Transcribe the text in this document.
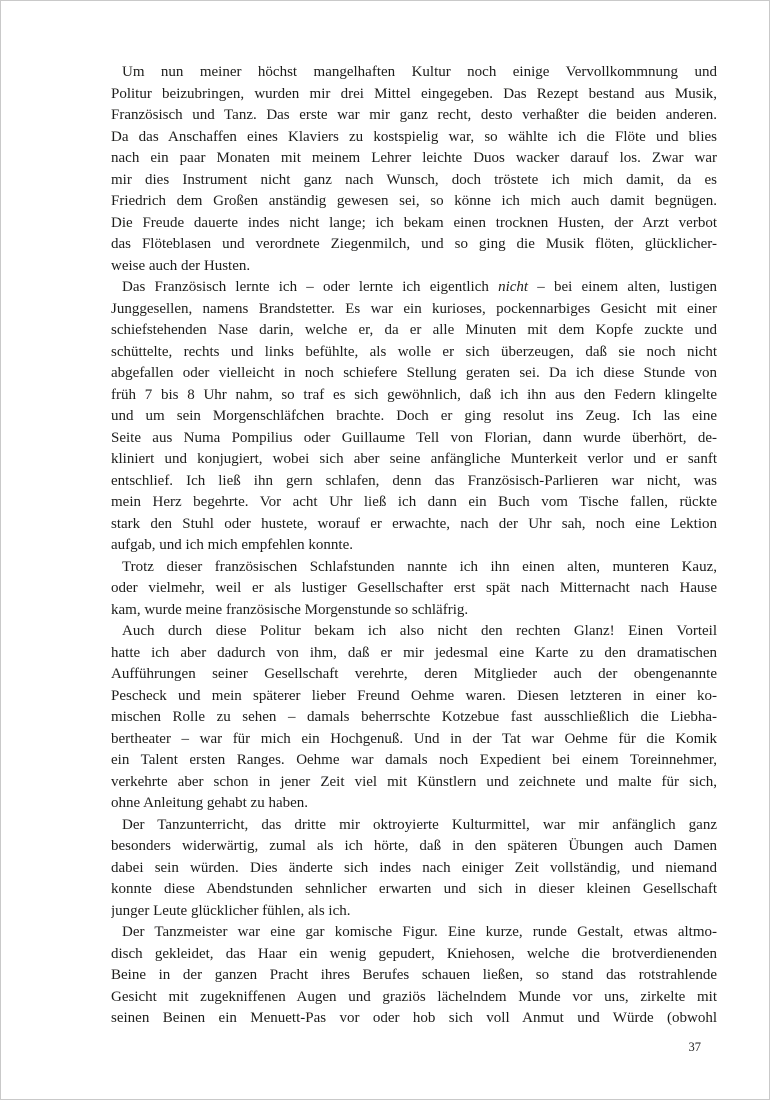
Um nun meiner höchst mangelhaften Kultur noch einige Vervollkommnung und
Politur beizubringen, wurden mir drei Mittel eingegeben. Das Rezept bestand aus Musik,
Französisch und Tanz. Das erste war mir ganz recht, desto verhaßter die beiden anderen.
Da das Anschaffen eines Klaviers zu kostspielig war, so wählte ich die Flöte und blies
nach ein paar Monaten mit meinem Lehrer leichte Duos wacker darauf los. Zwar war
mir dies Instrument nicht ganz nach Wunsch, doch tröstete ich mich damit, da es
Friedrich dem Großen anständig gewesen sei, so könne ich mich auch damit begnügen.
Die Freude dauerte indes nicht lange; ich bekam einen trocknen Husten, der Arzt verbot
das Flöteblasen und verordnete Ziegenmilch, und so ging die Musik flöten, glücklicher-
weise auch der Husten.
Das Französisch lernte ich – oder lernte ich eigentlich nicht – bei einem alten, lustigen
Junggesellen, namens Brandstetter. Es war ein kurioses, pockennarbiges Gesicht mit einer
schiefstehenden Nase darin, welche er, da er alle Minuten mit dem Kopfe zuckte und
schüttelte, rechts und links befühlte, als wolle er sich überzeugen, daß sie noch nicht
abgefallen oder vielleicht in noch schiefere Stellung geraten sei. Da ich diese Stunde von
früh 7 bis 8 Uhr nahm, so traf es sich gewöhnlich, daß ich ihn aus den Federn klingelte
und um sein Morgenschläfchen brachte. Doch er ging resolut ins Zeug. Ich las eine
Seite aus Numa Pompilius oder Guillaume Tell von Florian, dann wurde überhört, de-
kliniert und konjugiert, wobei sich aber seine anfängliche Munterkeit verlor und er sanft
entschlief. Ich ließ ihn gern schlafen, denn das Französisch-Parlieren war nicht, was
mein Herz begehrte. Vor acht Uhr ließ ich dann ein Buch vom Tische fallen, rückte
stark den Stuhl oder hustete, worauf er erwachte, nach der Uhr sah, noch eine Lektion
aufgab, und ich mich empfehlen konnte.
Trotz dieser französischen Schlafstunden nannte ich ihn einen alten, munteren Kauz,
oder vielmehr, weil er als lustiger Gesellschafter erst spät nach Mitternacht nach Hause
kam, wurde meine französische Morgenstunde so schläfrig.
Auch durch diese Politur bekam ich also nicht den rechten Glanz! Einen Vorteil
hatte ich aber dadurch von ihm, daß er mir jedesmal eine Karte zu den dramatischen
Aufführungen seiner Gesellschaft verehrte, deren Mitglieder auch der obengenannte
Pescheck und mein späterer lieber Freund Oehme waren. Diesen letzteren in einer ko-
mischen Rolle zu sehen – damals beherrschte Kotzebue fast ausschließlich die Liebha-
bertheater – war für mich ein Hochgenuß. Und in der Tat war Oehme für die Komik
ein Talent ersten Ranges. Oehme war damals noch Expedient bei einem Toreinnehmer,
verkehrte aber schon in jener Zeit viel mit Künstlern und zeichnete und malte für sich,
ohne Anleitung gehabt zu haben.
Der Tanzunterricht, das dritte mir oktroyierte Kulturmittel, war mir anfänglich ganz
besonders widerwärtig, zumal als ich hörte, daß in den späteren Übungen auch Damen
dabei sein würden. Dies änderte sich indes nach einiger Zeit vollständig, und niemand
konnte diese Abendstunden sehnlicher erwarten und sich in dieser kleinen Gesellschaft
junger Leute glücklicher fühlen, als ich.
Der Tanzmeister war eine gar komische Figur. Eine kurze, runde Gestalt, etwas altmo-
disch gekleidet, das Haar ein wenig gepudert, Kniehosen, welche die brotverdienenden
Beine in der ganzen Pracht ihres Berufes schauen ließen, so stand das rotstrahlende
Gesicht mit zugekniffenen Augen und graziös lächelndem Munde vor uns, zirkelte mit
seinen Beinen ein Menuett-Pas vor oder hob sich voll Anmut und Würde (obwohl
37
